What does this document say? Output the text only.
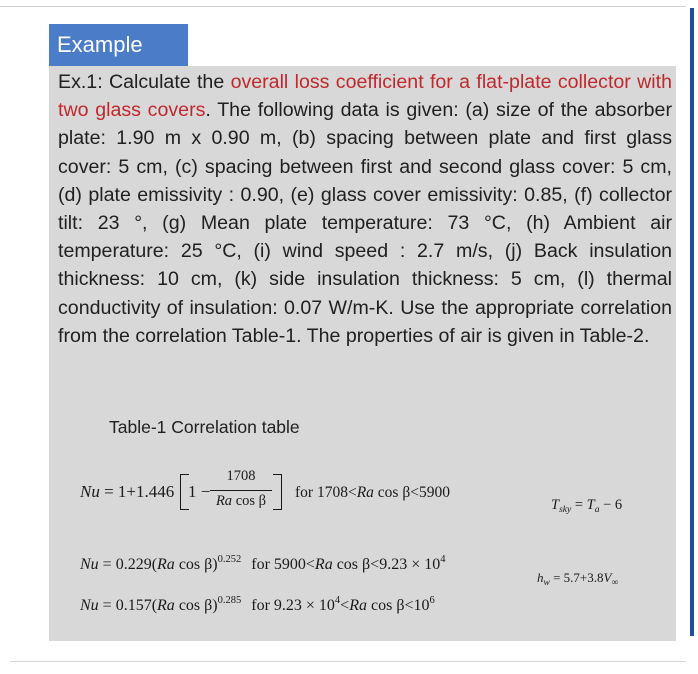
Example

Ex.1: Calculate the overall loss coefficient for a flat-plate collector with two glass covers. The following data is given: (a) size of the absorber plate: 1.90 m x 0.90 m, (b) spacing between plate and first glass cover: 5 cm, (c) spacing between first and second glass cover: 5 cm, (d) plate emissivity : 0.90, (e) glass cover emissivity: 0.85, (f) collector tilt: 23 °, (g) Mean plate temperature: 73 °C, (h) Ambient air temperature: 25 °C, (i) wind speed : 2.7 m/s, (j) Back insulation thickness: 10 cm, (k) side insulation thickness: 5 cm, (l) thermal conductivity of insulation: 0.07 W/m-K. Use the appropriate correlation from the correlation Table-1. The properties of air is given in Table-2.

Table-1 Correlation table
Nu = 1+1.446 1 −
1708
Ra cos β	for 1708<Ra cos β<5900
Nu = 0.229(Ra cos β)$^{0.252}$ for 5900<Ra $\cos \beta<9.23 \times 10^4$
Nu = 0.157(Ra cos β)$^{0.285}$ for $9.23 \times 10^4<Ra$ $\cos \beta<10^6$
$T_{sky} = T_a - 6$
$h_w = 5.7+3.8V_\infty$
